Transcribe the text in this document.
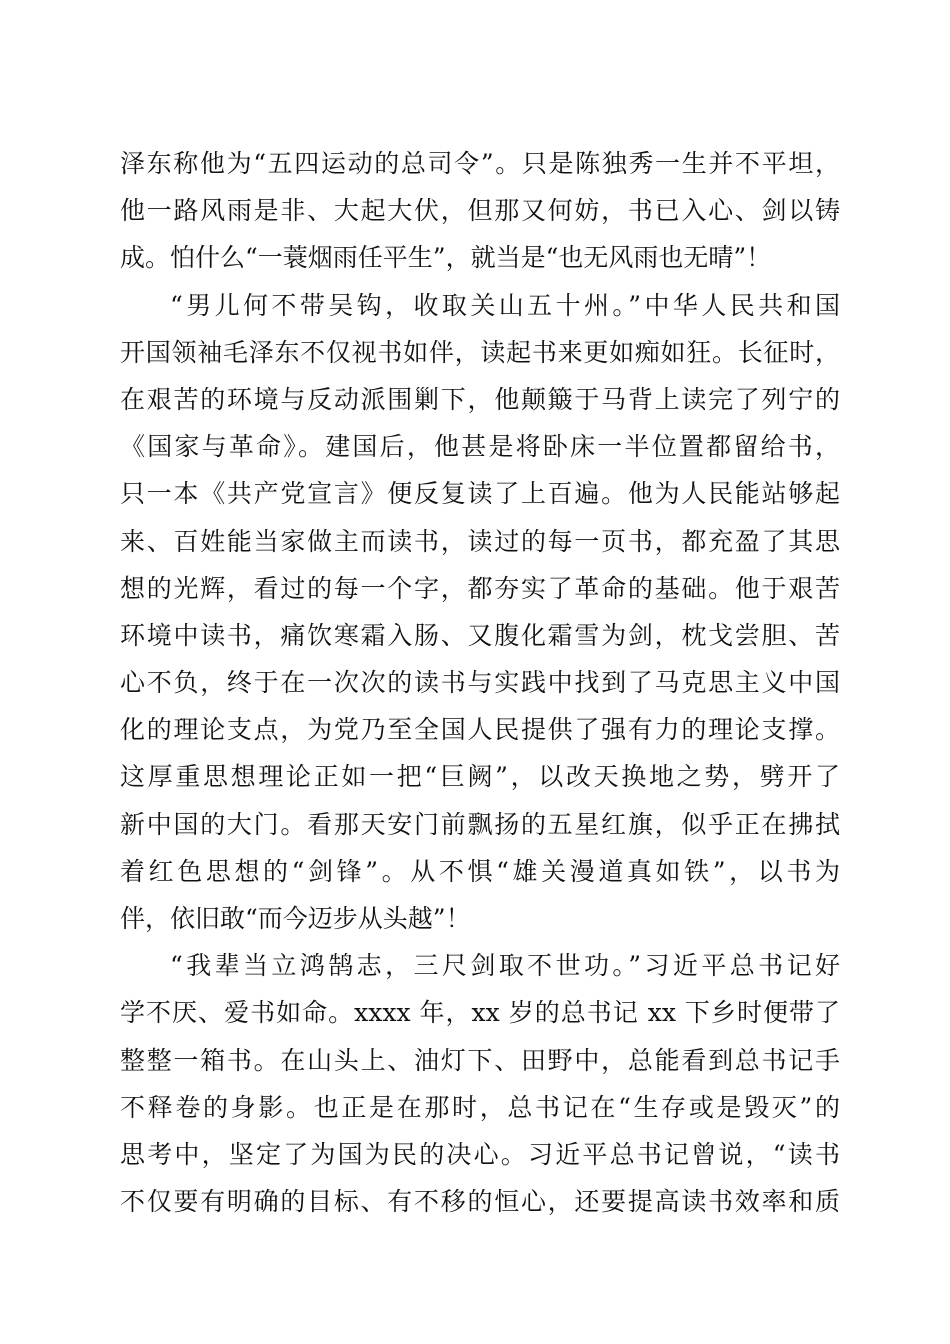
泽东称他为“五四运动的总司令”。只是陈独秀一生并不平坦，
他一路风雨是非、大起大伏，但那又何妨，书已入心、剑以铸
成。怕什么“一蓑烟雨任平生”，就当是“也无风雨也无晴”！
“男儿何不带吴钩，收取关山五十州。”中华人民共和国
开国领袖毛泽东不仅视书如伴，读起书来更如痴如狂。长征时，
在艰苦的环境与反动派围剿下，他颠簸于马背上读完了列宁的
《国家与革命》。建国后，他甚是将卧床一半位置都留给书，
只一本《共产党宣言》便反复读了上百遍。他为人民能站够起
来、百姓能当家做主而读书，读过的每一页书，都充盈了其思
想的光辉，看过的每一个字，都夯实了革命的基础。他于艰苦
环境中读书，痛饮寒霜入肠、又腹化霜雪为剑，枕戈尝胆、苦
心不负，终于在一次次的读书与实践中找到了马克思主义中国
化的理论支点，为党乃至全国人民提供了强有力的理论支撑。
这厚重思想理论正如一把“巨阙”，以改天换地之势，劈开了
新中国的大门。看那天安门前飘扬的五星红旗，似乎正在拂拭
着红色思想的“剑锋”。从不惧“雄关漫道真如铁”，以书为
伴，依旧敢“而今迈步从头越”！
“我辈当立鸿鹄志，三尺剑取不世功。”习近平总书记好
学不厌、爱书如命。xxxx 年，xx 岁的总书记 xx 下乡时便带了
整整一箱书。在山头上、油灯下、田野中，总能看到总书记手
不释卷的身影。也正是在那时，总书记在“生存或是毁灭”的
思考中，坚定了为国为民的决心。习近平总书记曾说，“读书
不仅要有明确的目标、有不移的恒心，还要提高读书效率和质
